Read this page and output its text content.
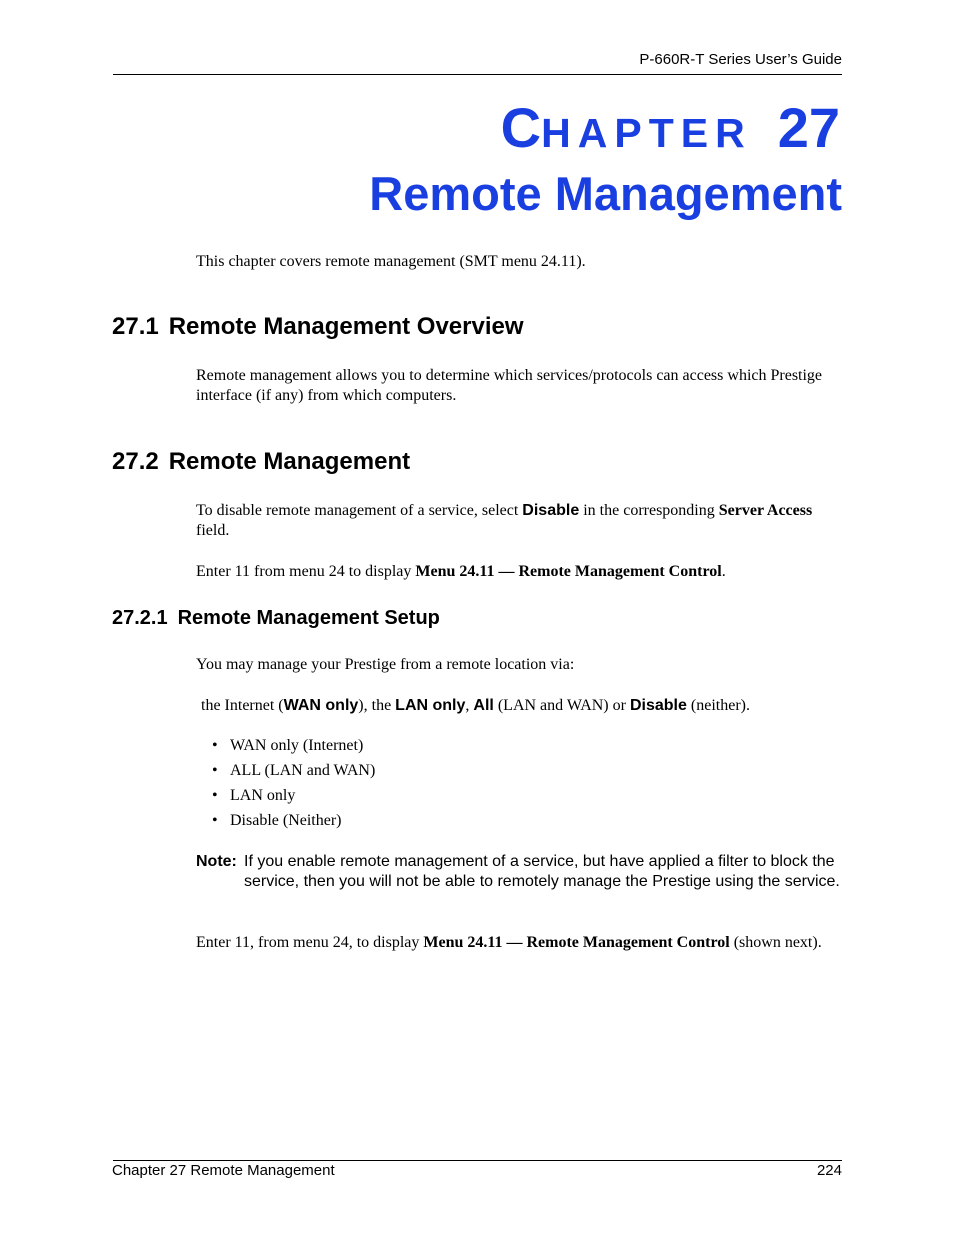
P-660R-T Series User’s Guide
CHAPTER 27
Remote Management
This chapter covers remote management (SMT menu 24.11).
27.1 Remote Management Overview
Remote management allows you to determine which services/protocols can access which Prestige interface (if any) from which computers.
27.2 Remote Management
To disable remote management of a service, select Disable in the corresponding Server Access field.
Enter 11 from menu 24 to display Menu 24.11 — Remote Management Control.
27.2.1 Remote Management Setup
You may manage your Prestige from a remote location via:
the Internet (WAN only), the LAN only, All (LAN and WAN) or Disable (neither).
• WAN only (Internet)
• ALL (LAN and WAN)
• LAN only
• Disable (Neither)
Note: If you enable remote management of a service, but have applied a filter to block the service, then you will not be able to remotely manage the Prestige using the service.
Enter 11, from menu 24, to display Menu 24.11 — Remote Management Control (shown next).
Chapter 27 Remote Management	224
